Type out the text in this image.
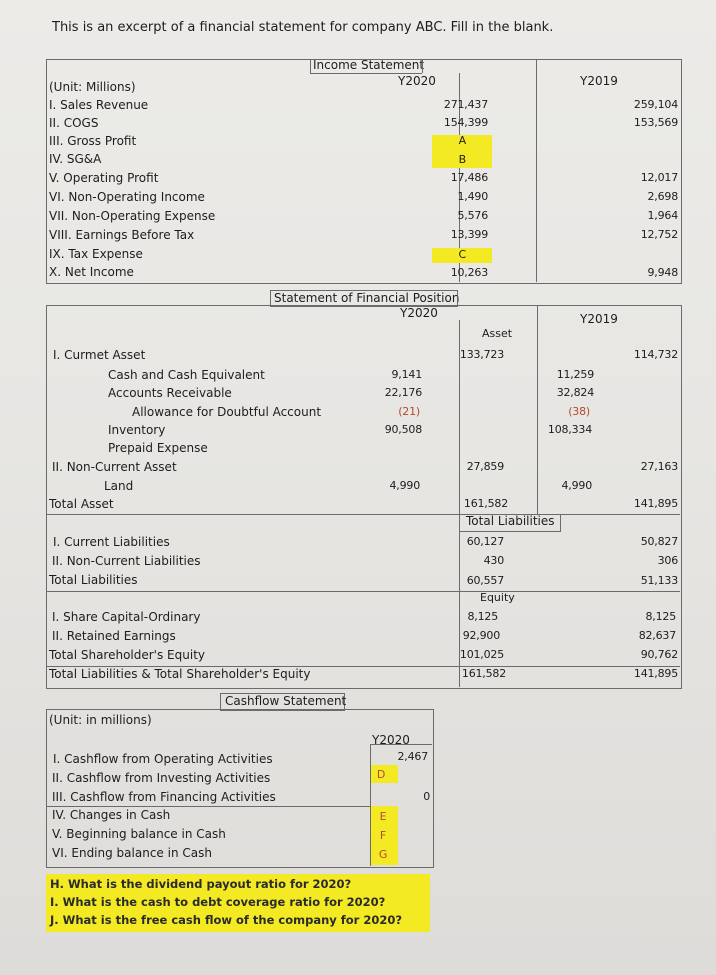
This is an excerpt of a financial statement for company ABC. Fill in the blank.
Income Statement
Y2020	Y2019
(Unit: Millions)
I. Sales Revenue	271,437	259,104
II. COGS	154,399	153,569
III. Gross Profit	A
IV. SG&A	B
V. Operating Profit	17,486	12,017
VI. Non-Operating Income	1,490	2,698
VII. Non-Operating Expense	5,576	1,964
VIII. Earnings Before Tax	13,399	12,752
IX. Tax Expense	C
X. Net Income	10,263	9,948
Statement of Financial Position
Y2020	Y2019
Asset
I. Curmet Asset	133,723	114,732
Cash and Cash Equivalent	9,141	11,259
Accounts Receivable	22,176	32,824
Allowance for Doubtful Account	(21)	(38)
Inventory	90,508	108,334
Prepaid Expense
II. Non-Current Asset	27,859	27,163
Land	4,990	4,990
Total Asset	161,582	141,895
Total Liabilities
I. Current Liabilities	60,127	50,827
II. Non-Current Liabilities	430	306
Total Liabilities	60,557	51,133
Equity
I. Share Capital-Ordinary	8,125	8,125
II. Retained Earnings	92,900	82,637
Total Shareholder's Equity	101,025	90,762
Total Liabilities & Total Shareholder's Equity	161,582	141,895
Cashflow Statement
(Unit: in millions)
Y2020
I. Cashflow from Operating Activities	2,467
II. Cashflow from Investing Activities	D
III. Cashflow from Financing Activities	0
IV. Changes in Cash	E
V. Beginning balance in Cash	F
VI. Ending balance in Cash	G
H. What is the dividend payout ratio for 2020?
I. What is the cash to debt coverage ratio for 2020?
J. What is the free cash flow of the company for 2020?
